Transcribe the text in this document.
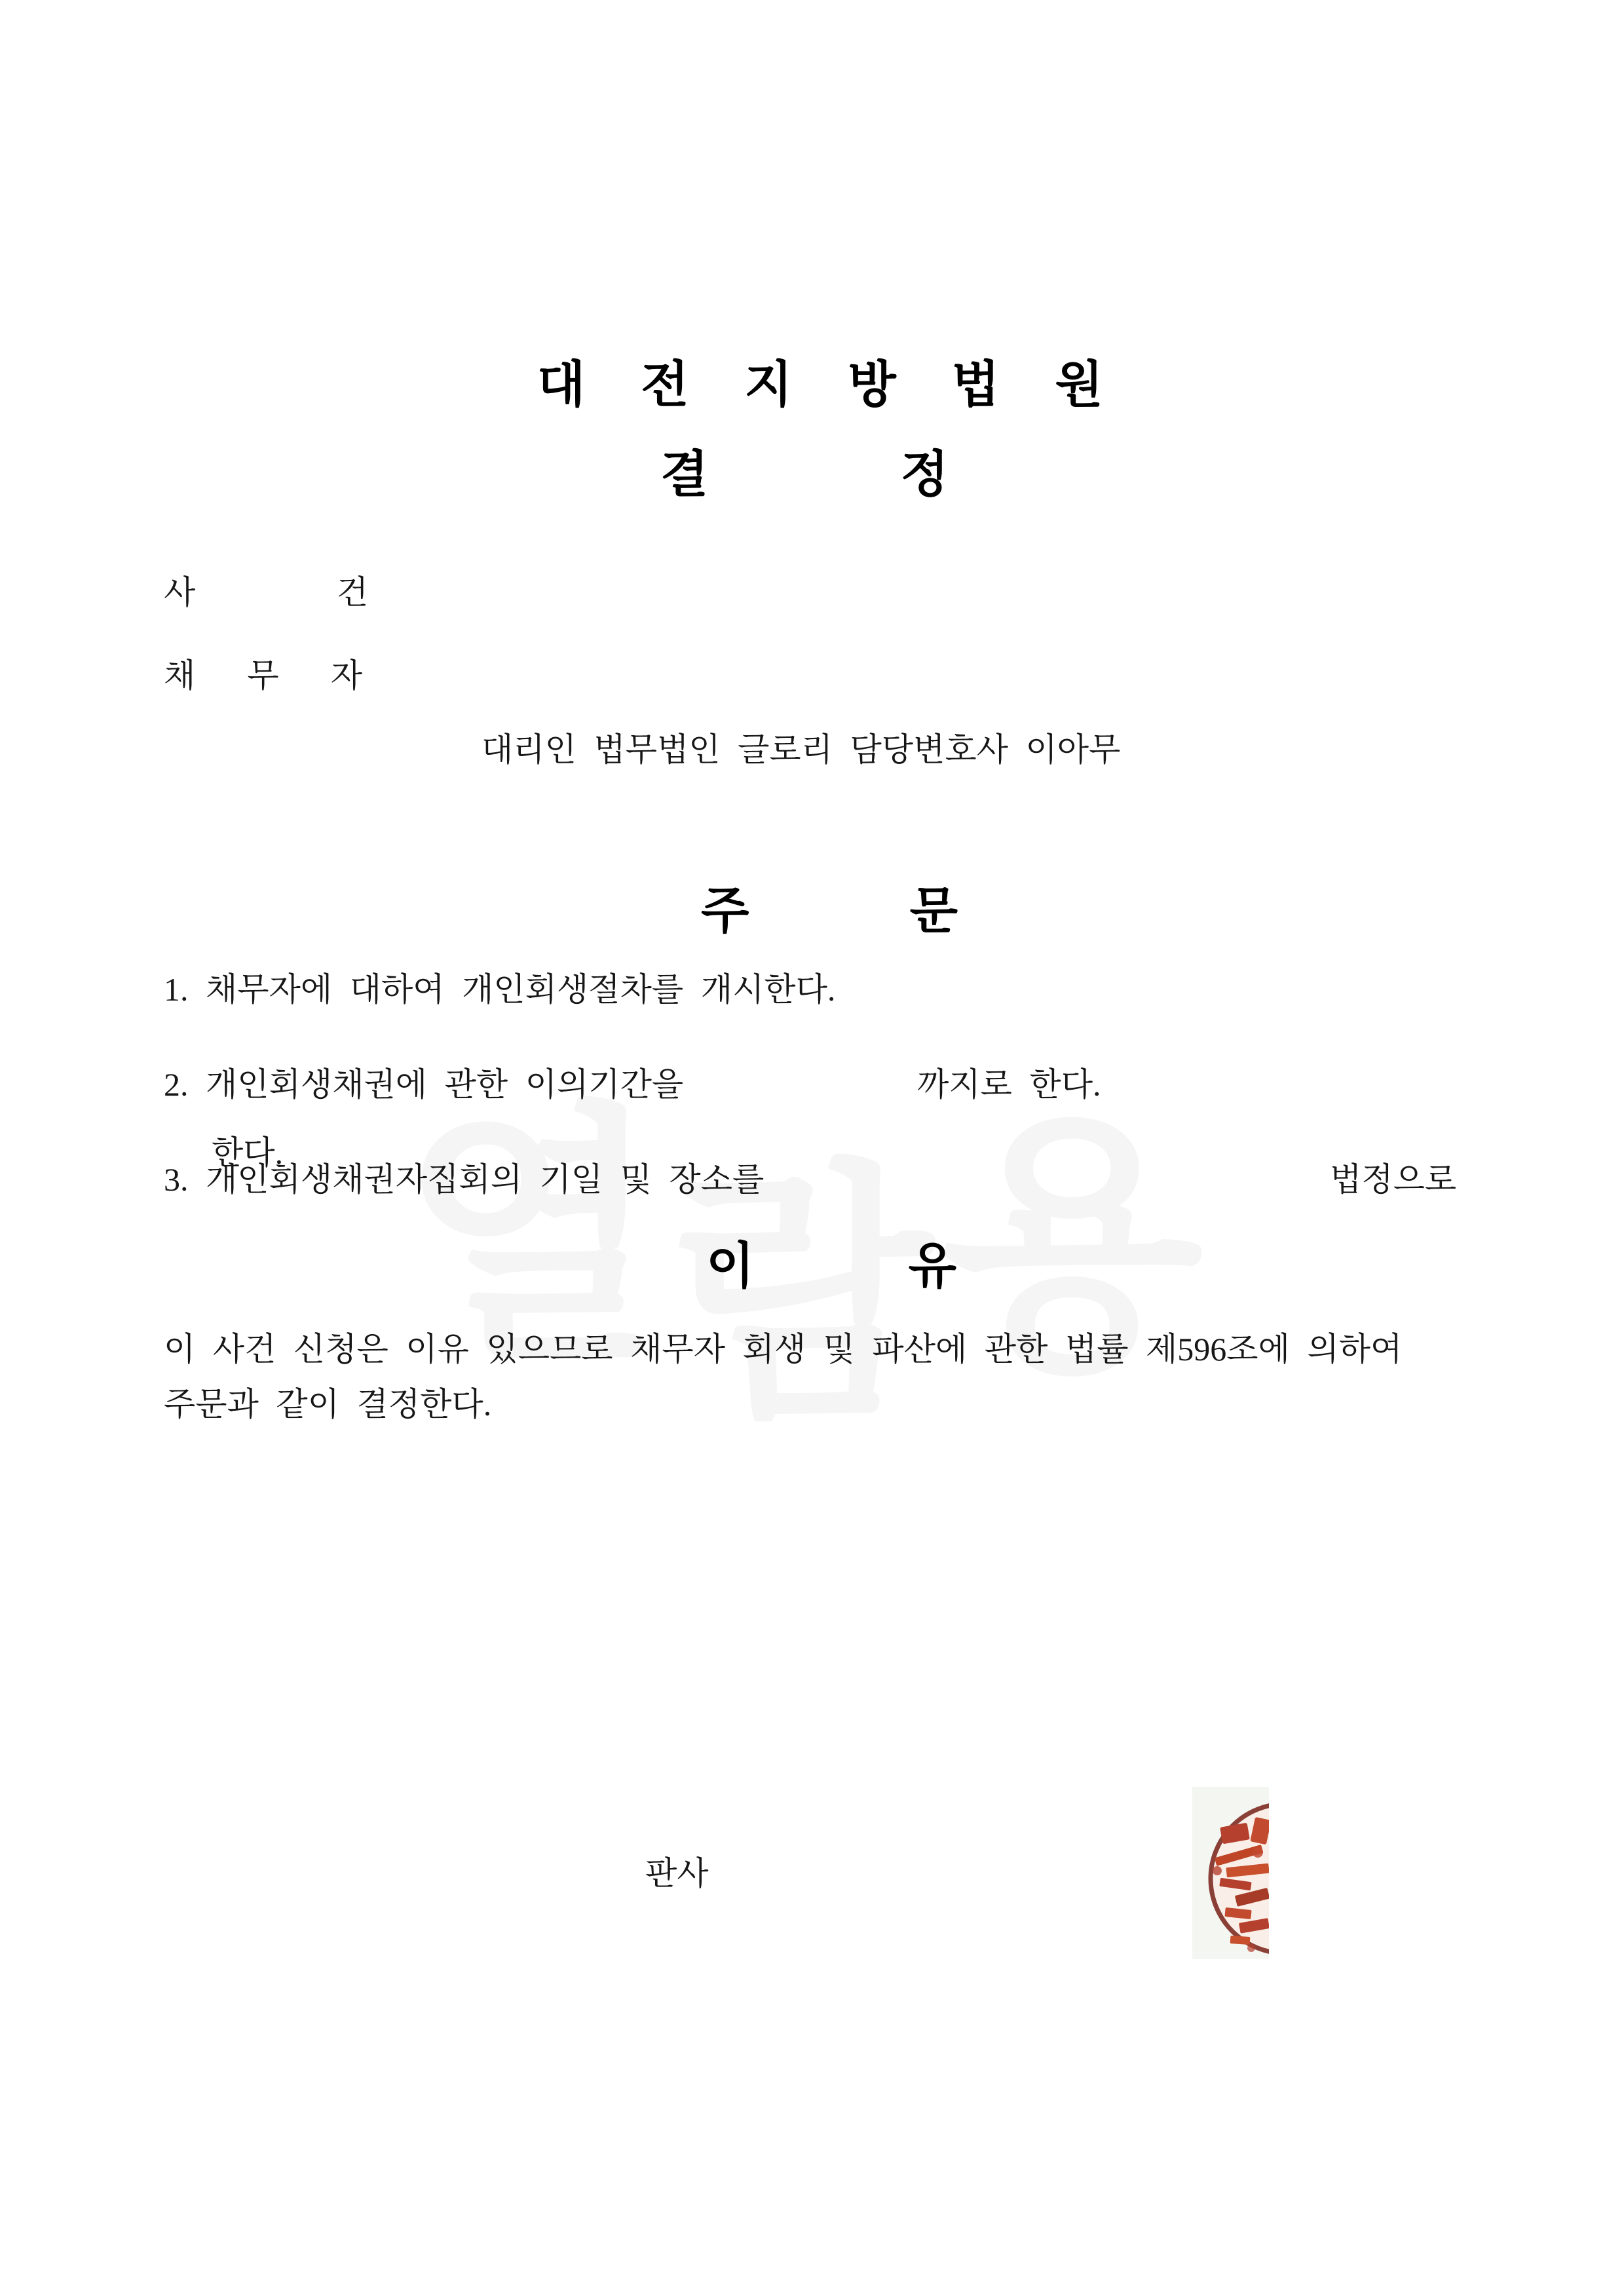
대 전 지 방 법 원
결	정
사	건
채 무 자
대리인 법무법인 글로리 담당변호사 이아무
주	문
1. 채무자에 대하여 개인회생절차를 개시한다.
2. 개인회생채권에 관한 이의기간을	까지로 한다.
3. 개인회생채권자집회의 기일 및 장소를	법정으로
한다.
이	유
이 사건 신청은 이유 있으므로 채무자 회생 및 파산에 관한 법률 제596조에 의하여
주문과 같이 결정한다.
판사
